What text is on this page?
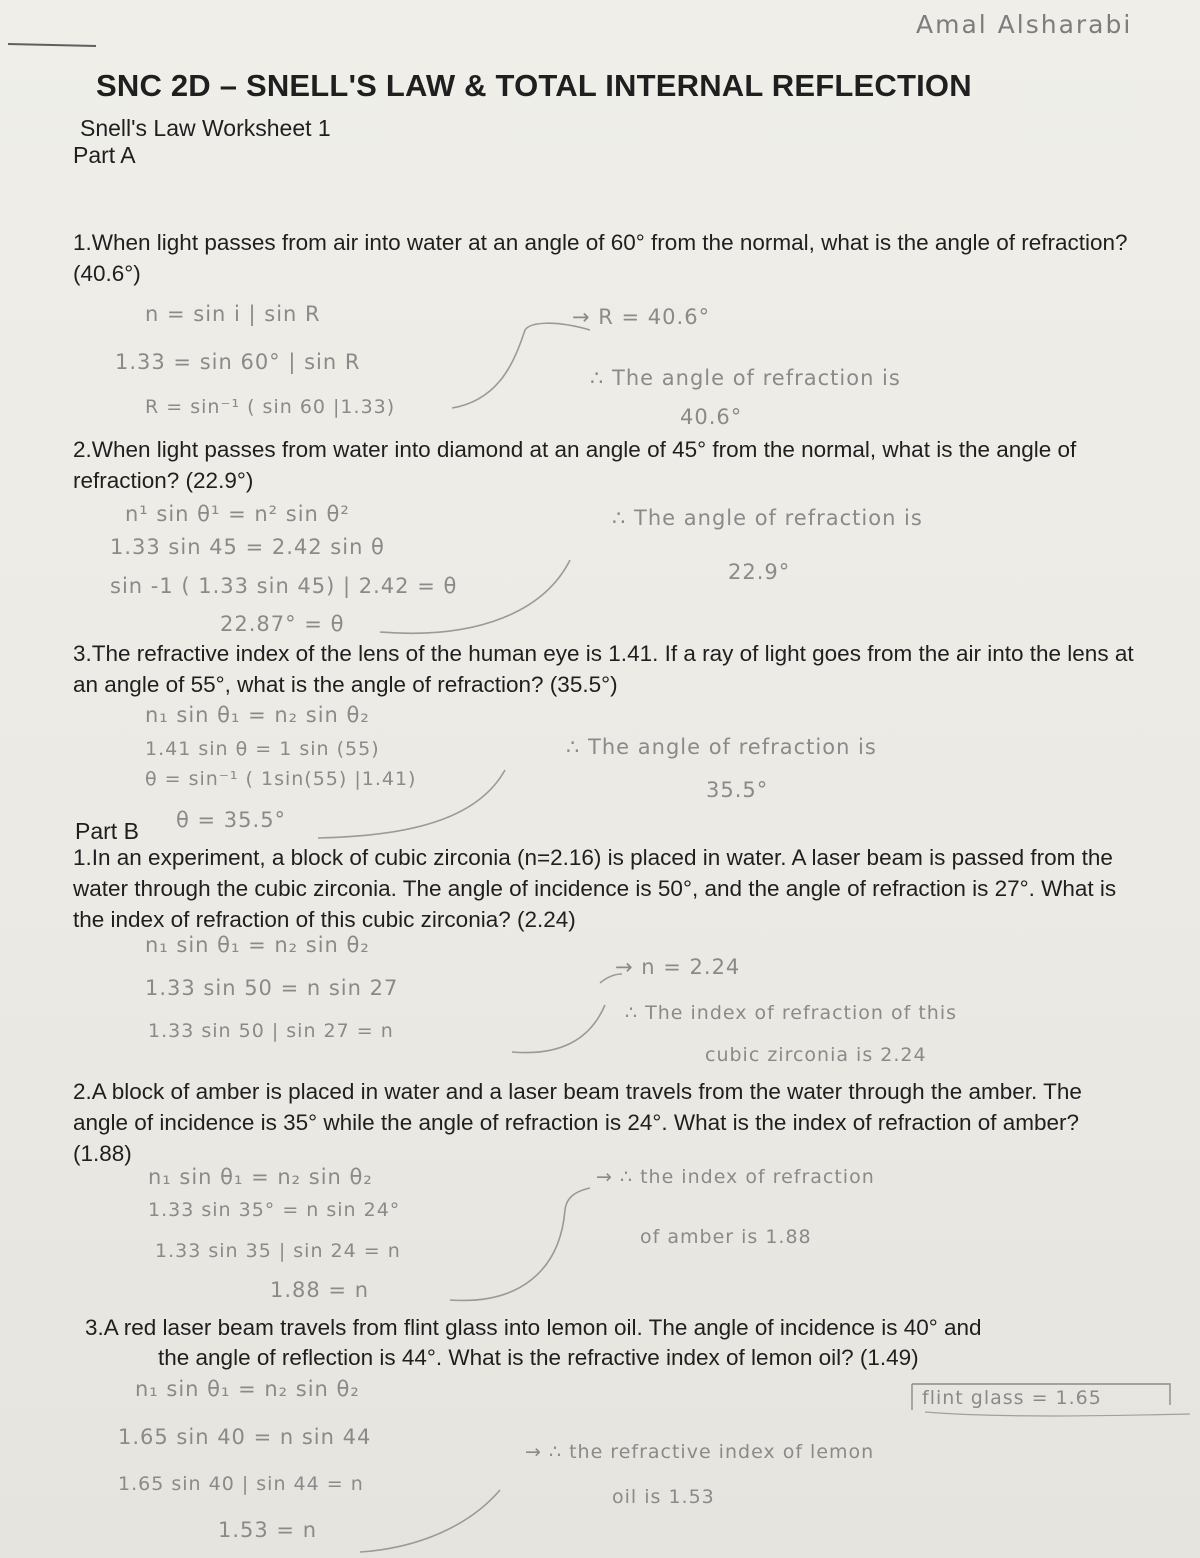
Amal Alsharabi
SNC 2D – SNELL'S LAW & TOTAL INTERNAL REFLECTION
Snell's Law Worksheet 1
Part A
1.When light passes from air into water at an angle of 60° from the normal, what is the angle of refraction? (40.6°)
n = sin i | sin R
1.33 = sin 60° | sin R
R = sin⁻¹ ( sin 60 |1.33)
→ R = 40.6°
∴ The angle of refraction is
40.6°
2.When light passes from water into diamond at an angle of 45° from the normal, what is the angle of refraction? (22.9°)
n¹ sin θ¹ = n² sin θ²
1.33 sin 45 = 2.42 sin θ
sin -1 ( 1.33 sin 45) | 2.42 = θ
22.87° = θ
∴ The angle of refraction is
22.9°
3.The refractive index of the lens of the human eye is 1.41. If a ray of light goes from the air into the lens at an angle of 55°, what is the angle of refraction? (35.5°)
n₁ sin θ₁ = n₂ sin θ₂
1.41 sin θ = 1 sin (55)
θ = sin⁻¹ ( 1sin(55) |1.41)
θ = 35.5°
∴ The angle of refraction is
35.5°
Part B
1.In an experiment, a block of cubic zirconia (n=2.16) is placed in water. A laser beam is passed from the water through the cubic zirconia. The angle of incidence is 50°, and the angle of refraction is 27°. What is the index of refraction of this cubic zirconia? (2.24)
n₁ sin θ₁ = n₂ sin θ₂
1.33 sin 50 = n sin 27
1.33 sin 50 | sin 27 = n
→ n = 2.24
∴ The index of refraction of this
cubic zirconia is 2.24
2.A block of amber is placed in water and a laser beam travels from the water through the amber. The angle of incidence is 35° while the angle of refraction is 24°. What is the index of refraction of amber? (1.88)
n₁ sin θ₁ = n₂ sin θ₂
1.33 sin 35° = n sin 24°
1.33 sin 35 | sin 24 = n
1.88 = n
→ ∴ the index of refraction
of amber is 1.88
3.A red laser beam travels from flint glass into lemon oil. The angle of incidence is 40° and
the angle of reflection is 44°. What is the refractive index of lemon oil? (1.49)
n₁ sin θ₁ = n₂ sin θ₂
1.65 sin 40 = n sin 44
1.65 sin 40 | sin 44 = n
1.53 = n
flint glass = 1.65
→ ∴ the refractive index of lemon
oil is 1.53
